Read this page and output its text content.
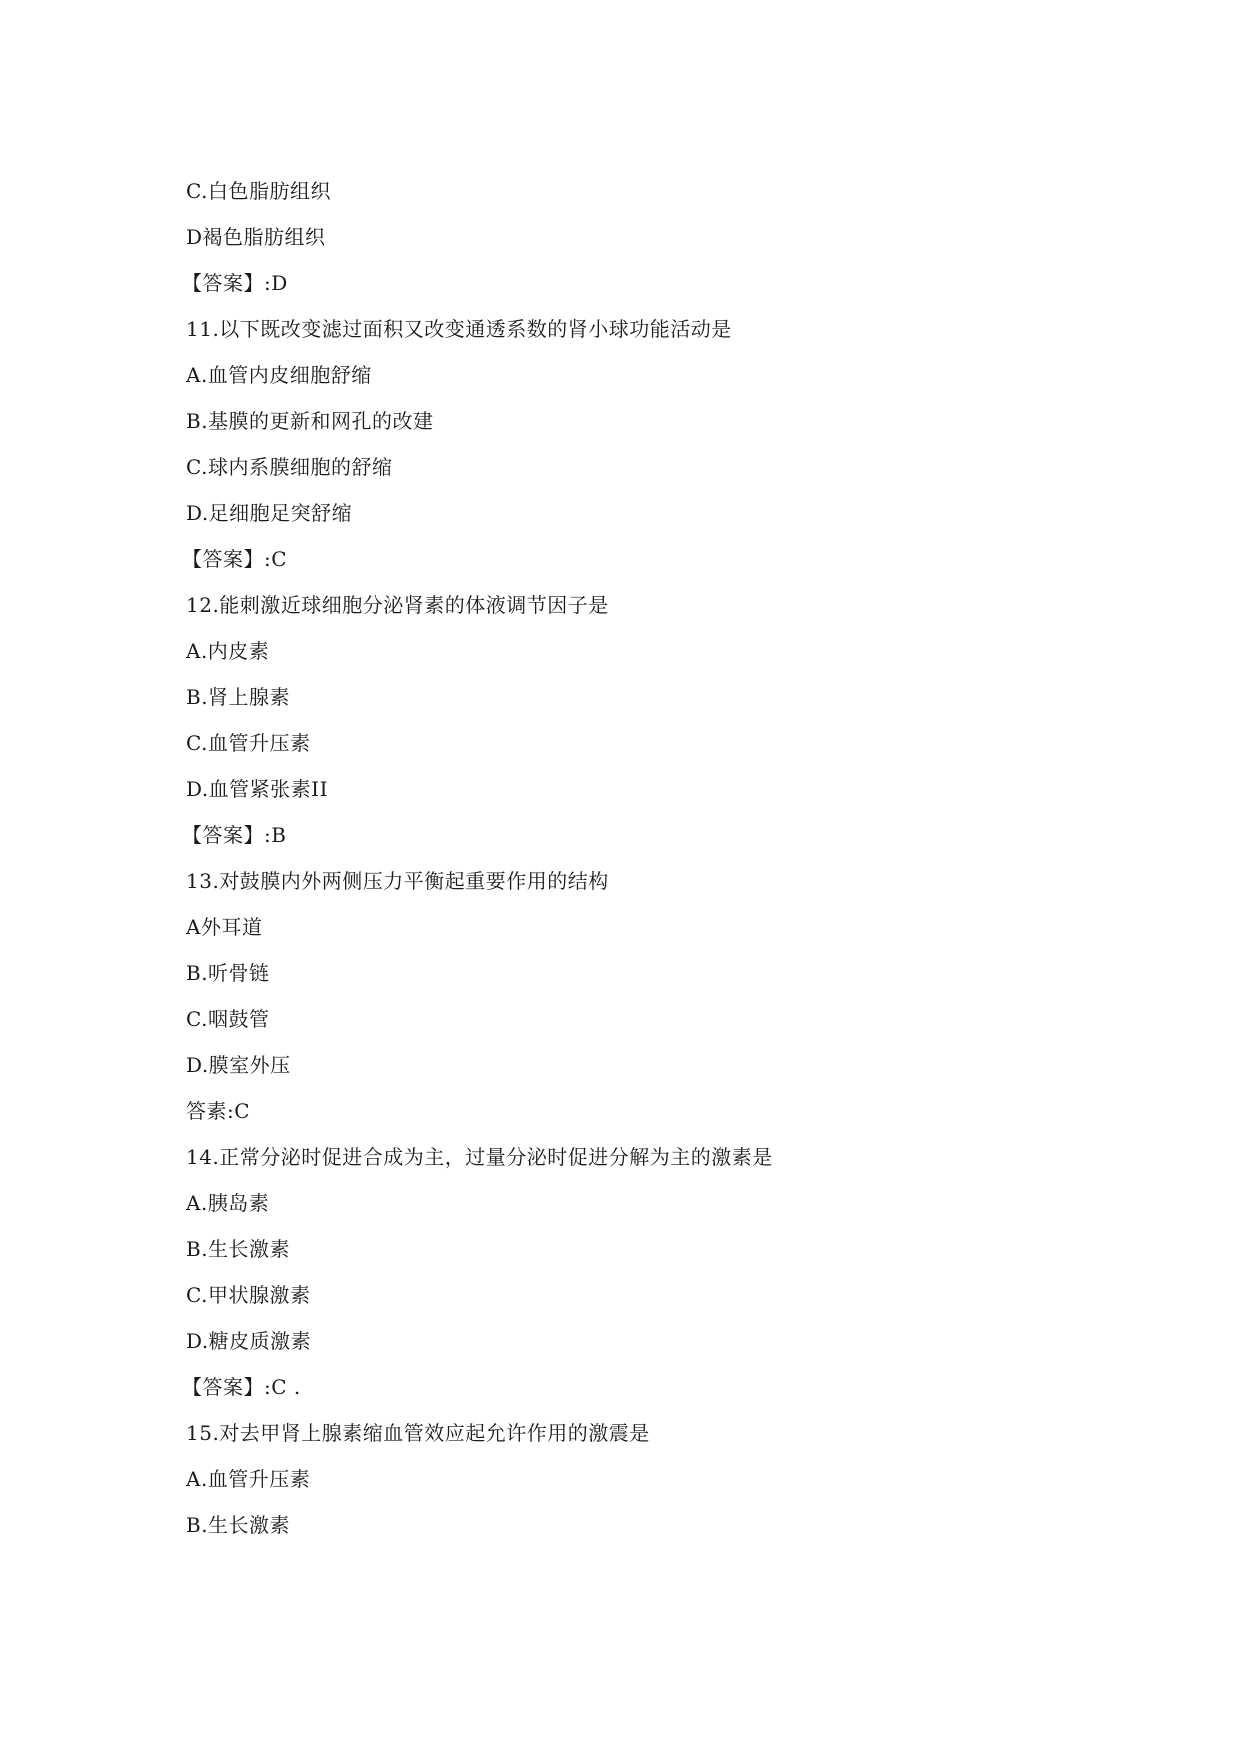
C.白色脂肪组织
D褐色脂肪组织
【答案】:D
11.以下既改变滤过面积又改变通透系数的肾小球功能活动是
A.血管内皮细胞舒缩
B.基膜的更新和网孔的改建
C.球内系膜细胞的舒缩
D.足细胞足突舒缩
【答案】:C
12.能刺激近球细胞分泌肾素的体液调节因子是
A.内皮素
B.肾上腺素
C.血管升压素
D.血管紧张素II
【答案】:B
13.对鼓膜内外两侧压力平衡起重要作用的结构
A外耳道
B.听骨链
C.咽鼓管
D.膜室外压
答素:C
14.正常分泌时促进合成为主，过量分泌时促进分解为主的激素是
A.胰岛素
B.生长激素
C.甲状腺激素
D.糖皮质激素
【答案】:C .
15.对去甲肾上腺素缩血管效应起允许作用的激震是
A.血管升压素
B.生长激素
